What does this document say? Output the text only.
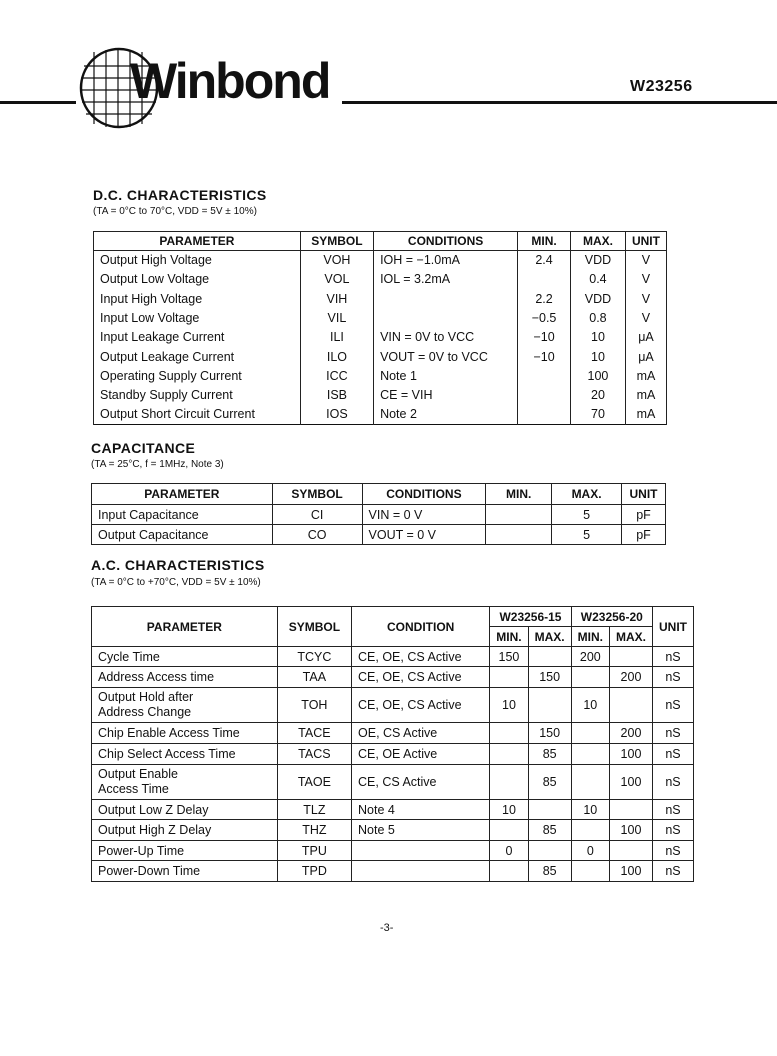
Winbond	W23256
D.C. CHARACTERISTICS
(TA = 0°C to 70°C, VDD = 5V ± 10%)
PARAMETER	SYMBOL	CONDITIONS	MIN.	MAX.	UNIT
Output High Voltage	VOH	IOH = −1.0mA	2.4	VDD	V
Output Low Voltage	VOL	IOL = 3.2mA		0.4	V
Input High Voltage	VIH		2.2	VDD	V
Input Low Voltage	VIL		−0.5	0.8	V
Input Leakage Current	ILI	VIN = 0V to VCC	−10	10	μA
Output Leakage Current	ILO	VOUT = 0V to VCC	−10	10	μA
Operating Supply Current	ICC	Note 1		100	mA
Standby Supply Current	ISB	CE = VIH		20	mA
Output Short Circuit Current	IOS	Note 2		70	mA
CAPACITANCE
(TA = 25°C, f = 1MHz, Note 3)
PARAMETER	SYMBOL	CONDITIONS	MIN.	MAX.	UNIT
Input Capacitance	CI	VIN = 0 V		5	pF
Output Capacitance	CO	VOUT = 0 V		5	pF
A.C. CHARACTERISTICS
(TA = 0°C to +70°C, VDD = 5V ± 10%)
PARAMETER	SYMBOL	CONDITION	W23256-15		W23256-20		UNIT
			MIN.	MAX.	MIN.	MAX.	
Cycle Time	TCYC	CE, OE, CS Active	150		200		nS
Address Access time	TAA	CE, OE, CS Active		150		200	nS
Output Hold after Address Change	TOH	CE, OE, CS Active	10		10		nS
Chip Enable Access Time	TACE	OE, CS Active		150		200	nS
Chip Select Access Time	TACS	CE, OE Active		85		100	nS
Output Enable Access Time	TAOE	CE, CS Active		85		100	nS
Output Low Z Delay	TLZ	Note 4	10		10		nS
Output High Z Delay	THZ	Note 5		85		100	nS
Power-Up Time	TPU		0		0		nS
Power-Down Time	TPD			85		100	nS
-3-
